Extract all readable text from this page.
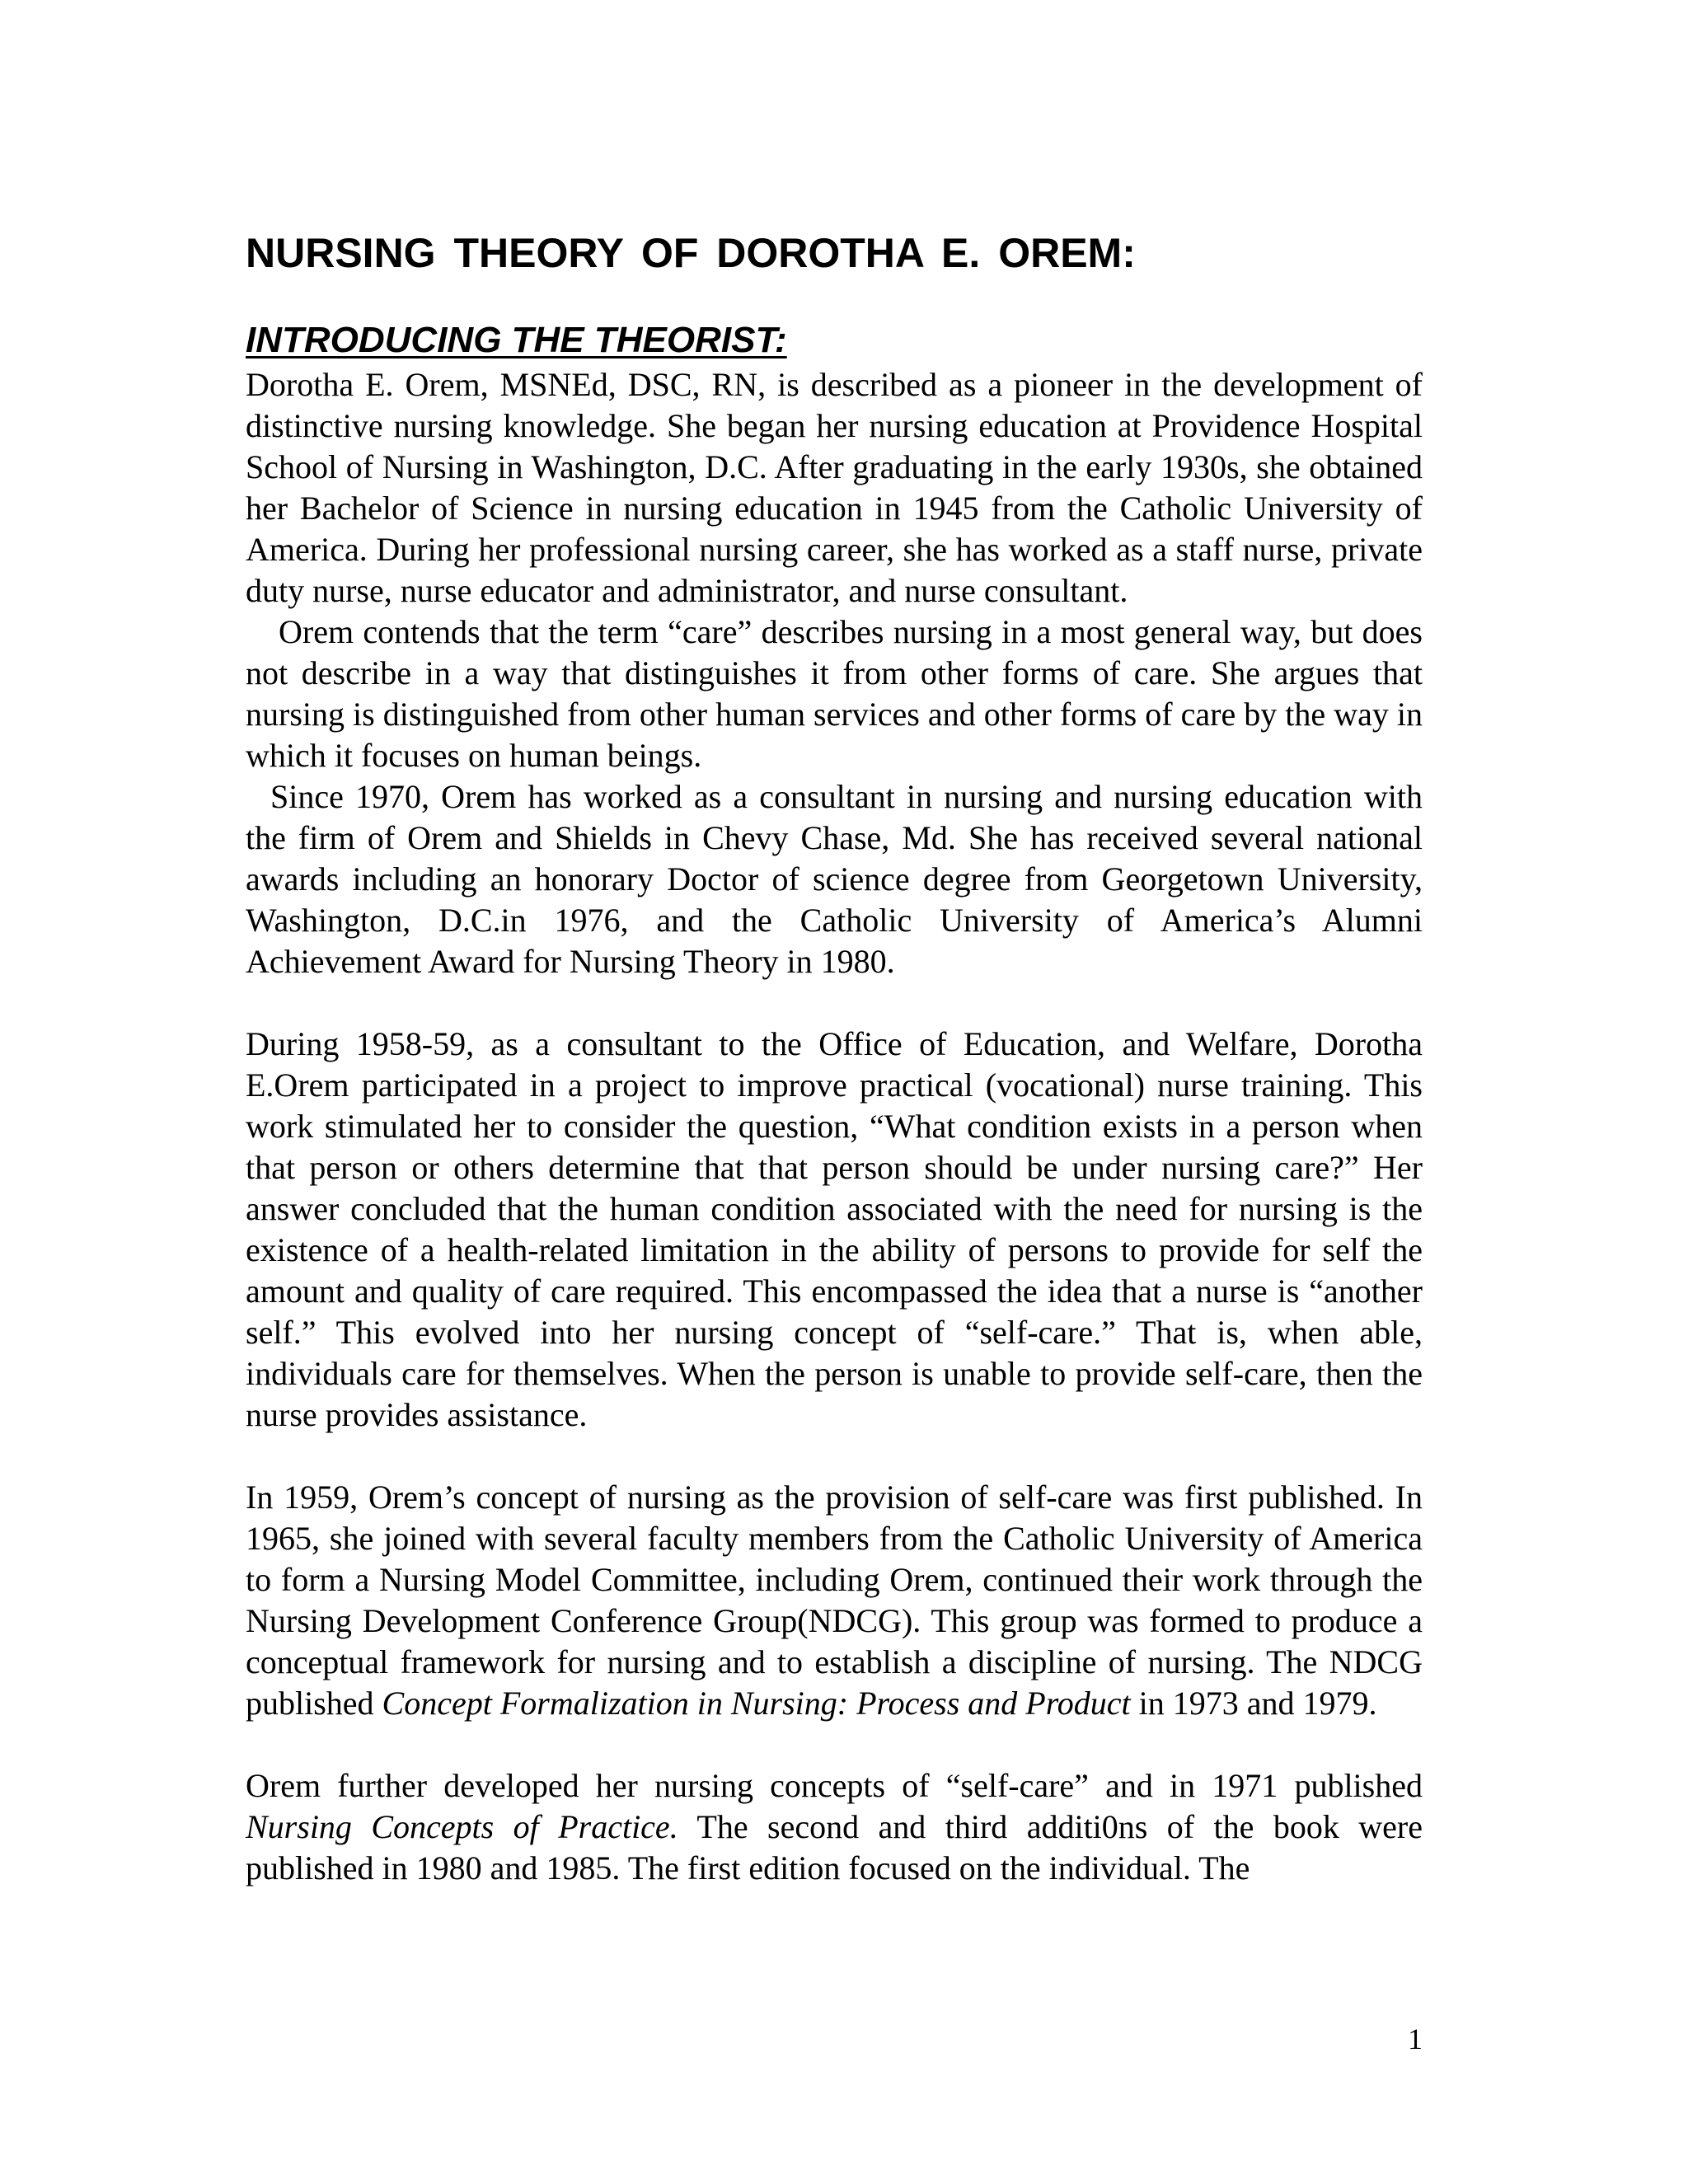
NURSING THEORY OF DOROTHA E. OREM:
INTRODUCING THE THEORIST:

Dorotha E. Orem, MSNEd, DSC, RN, is described as a pioneer in the development of distinctive nursing knowledge. She began her nursing education at Providence Hospital School of Nursing in Washington, D.C. After graduating in the early 1930s, she obtained her Bachelor of Science in nursing education in 1945 from the Catholic University of America. During her professional nursing career, she has worked as a staff nurse, private duty nurse, nurse educator and administrator, and nurse consultant.

Orem contends that the term “care” describes nursing in a most general way, but does not describe in a way that distinguishes it from other forms of care. She argues that nursing is distinguished from other human services and other forms of care by the way in which it focuses on human beings.

Since 1970, Orem has worked as a consultant in nursing and nursing education with the firm of Orem and Shields in Chevy Chase, Md. She has received several national awards including an honorary Doctor of science degree from Georgetown University, Washington, D.C.in 1976, and the Catholic University of America’s Alumni Achievement Award for Nursing Theory in 1980.

During 1958-59, as a consultant to the Office of Education, and Welfare, Dorotha E.Orem participated in a project to improve practical (vocational) nurse training. This work stimulated her to consider the question, “What condition exists in a person when that person or others determine that that person should be under nursing care?” Her answer concluded that the human condition associated with the need for nursing is the existence of a health-related limitation in the ability of persons to provide for self the amount and quality of care required. This encompassed the idea that a nurse is “another self.” This evolved into her nursing concept of “self-care.” That is, when able, individuals care for themselves. When the person is unable to provide self-care, then the nurse provides assistance.

In 1959, Orem’s concept of nursing as the provision of self-care was first published. In 1965, she joined with several faculty members from the Catholic University of America to form a Nursing Model Committee, including Orem, continued their work through the Nursing Development Conference Group(NDCG). This group was formed to produce a conceptual framework for nursing and to establish a discipline of nursing. The NDCG published Concept Formalization in Nursing: Process and Product in 1973 and 1979.

Orem further developed her nursing concepts of “self-care” and in 1971 published Nursing Concepts of Practice. The second and third additi0ns of the book were published in 1980 and 1985. The first edition focused on the individual. The

1
